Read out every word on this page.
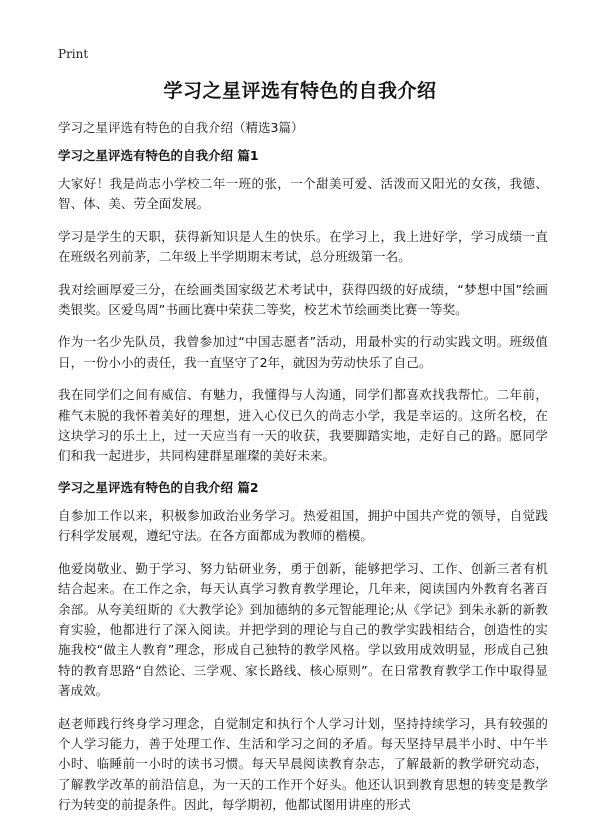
Print
学习之星评选有特色的自我介绍
学习之星评选有特色的自我介绍（精选3篇）
学习之星评选有特色的自我介绍 篇1

大家好！我是尚志小学校二年一班的张，一个甜美可爱、活泼而又阳光的女孩，我德、智、体、美、劳全面发展。

学习是学生的天职，获得新知识是人生的快乐。在学习上，我上进好学，学习成绩一直在班级名列前茅，二年级上半学期期末考试，总分班级第一名。

我对绘画厚爱三分，在绘画类国家级艺术考试中，获得四级的好成绩，“梦想中国”绘画类银奖。区爱鸟周”书画比赛中荣获二等奖，校艺术节绘画类比赛一等奖。

作为一名少先队员，我曾参加过“中国志愿者”活动，用最朴实的行动实践文明。班级值日，一份小小的责任，我一直坚守了2年，就因为劳动快乐了自己。

我在同学们之间有威信、有魅力，我懂得与人沟通，同学们都喜欢找我帮忙。二年前，稚气未脱的我怀着美好的理想，进入心仪已久的尚志小学，我是幸运的。这所名校，在这块学习的乐土上，过一天应当有一天的收获，我要脚踏实地，走好自己的路。愿同学们和我一起进步，共同构建群星璀璨的美好未来。

学习之星评选有特色的自我介绍 篇2

自参加工作以来，积极参加政治业务学习。热爱祖国，拥护中国共产党的领导，自觉践行科学发展观，遵纪守法。在各方面都成为教师的楷模。

他爱岗敬业、勤于学习、努力钻研业务，勇于创新，能够把学习、工作、创新三者有机结合起来。在工作之余，每天认真学习教育教学理论，几年来，阅读国内外教育名著百余部。从夸美纽斯的《大教学论》到加德纳的多元智能理论;从《学记》到朱永新的新教育实验，他都进行了深入阅读。并把学到的理论与自己的教学实践相结合，创造性的实施我校“做主人教育”理念，形成自己独特的教学风格。学以致用成效明显，形成自己独特的教育思路“自然论、三学观、家长路线、核心原则”。在日常教育教学工作中取得显著成效。

赵老师践行终身学习理念，自觉制定和执行个人学习计划，坚持持续学习，具有较强的个人学习能力，善于处理工作、生活和学习之间的矛盾。每天坚持早晨半小时、中午半小时、临睡前一小时的读书习惯。每天早晨阅读教育杂志，了解最新的教学研究动态，了解教学改革的前沿信息，为一天的工作开个好头。他还认识到教育思想的转变是教学行为转变的前提条件。因此，每学期初，他都试图用讲座的形式
